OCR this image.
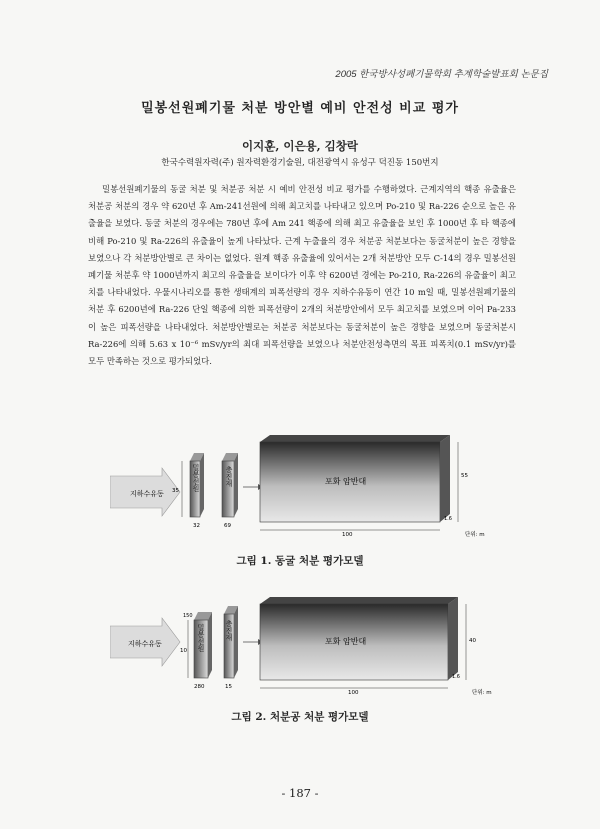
2005 한국방사성폐기물학회 추계학술발표회 논문집
밀봉선원폐기물 처분 방안별 예비 안전성 비교 평가
이지훈, 이은용, 김창락
한국수력원자력(주) 원자력환경기술원, 대전광역시 유성구 덕진동 150번지

밀봉선원폐기물의 동굴 처분 및 처분공 처분 시 예비 안전성 비교 평가를 수행하였다. 근계지역의 핵종 유출율은 처분공 처분의 경우 약 620년 후 Am-241선원에 의해 최고치를 나타내고 있으며 Po-210 및 Ra-226 순으로 높은 유출율을 보였다. 동굴 처분의 경우에는 780년 후에 Am 241 핵종에 의해 최고 유출율을 보인 후 1000년 후 타 핵종에 비해 Po-210 및 Ra-226의 유출율이 높게 나타났다. 근계 누출율의 경우 처분공 처분보다는 동굴처분이 높은 경향을 보였으나 각 처분방안별로 큰 차이는 없었다. 원계 핵종 유출율에 있어서는 2개 처분방안 모두 C-14의 경우 밀봉선원 폐기물 처분후 약 1000년까지 최고의 유출율을 보이다가 이후 약 6200년 경에는 Po-210, Ra-226의 유출율이 최고치를 나타내었다. 우물시나리오를 통한 생태계의 피폭선량의 경우 지하수유동이 연간 10 m일 때, 밀봉선원폐기물의 처분 후 6200년에 Ra-226 단일 핵종에 의한 피폭선량이 2개의 처분방안에서 모두 최고치를 보였으며 이어 Pa-233이 높은 피폭선량을 나타내었다. 처분방안별로는 처분공 처분보다는 동굴처분이 높은 경향을 보였으며 동굴처분시 Ra-226에 의해 5.63 x 10⁻⁶ mSv/yr의 최대 피폭선량을 보였으나 처분안전성측면의 목표 피폭치(0.1 mSv/yr)를 모두 만족하는 것으로 평가되었다.

지하수유동
밀봉선원	충진재
35
32	69
포화 암반대
55
1.6
100	단위: m
그림 1. 동굴 처분 평가모델
지하수유동	밀봉선원	충진재
10
150
280	15
포화 암반대	40
1.6
100	단위: m
그림 2. 처분공 처분 평가모델
- 187 -
